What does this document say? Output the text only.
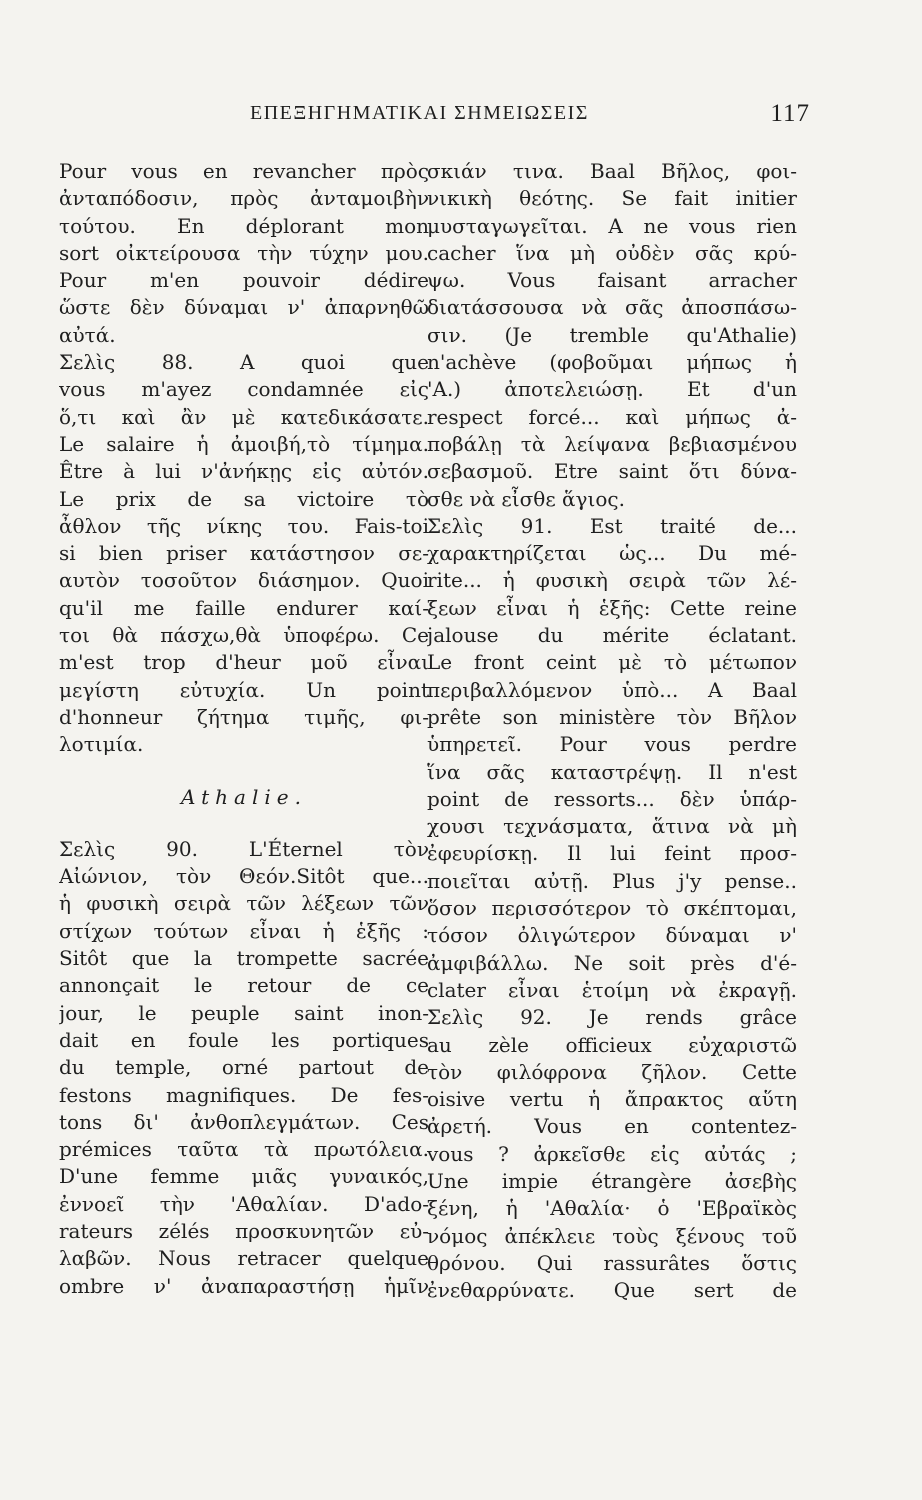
ΕΠΕΞΗΓΗΜΑΤΙΚΑΙ ΣΗΜΕΙΩΣΕΙΣ	117
Pour vous en revancher πρὸς
ἀνταπόδοσιν, πρὸς ἀνταμοιβὴν
τούτου. En déplorant mon
sort οἰκτείρουσα τὴν τύχην μου.
Pour m'en pouvoir dédire
ὥστε δὲν δύναμαι ν' ἀπαρνηθῶ
αὐτά.
Σελὶς 88. A quoi que
vous m'ayez condamnée εἰς
ὅ,τι καὶ ἂν μὲ κατεδικάσατε.
Le salaire ἡ ἀμοιβή,τὸ τίμημα.
Être à lui ν'ἀνήκῃς εἰς αὐτόν.
Le prix de sa victoire τὸ
ἆθλον τῆς νίκης του. Fais-toi
si bien priser κατάστησον σε-
αυτὸν τοσοῦτον διάσημον. Quoi
qu'il me faille endurer καί-
τοι θὰ πάσχω,θὰ ὑποφέρω. Ce
m'est trop d'heur μοῦ εἶναι
μεγίστη εὐτυχία. Un point
d'honneur ζήτημα τιμῆς, φι-
λοτιμία.
Athalie.
Σελὶς 90. L'Éternel τὸν
Αἰώνιον, τὸν Θεόν.Sitôt que...
ἡ φυσικὴ σειρὰ τῶν λέξεων τῶν
στίχων τούτων εἶναι ἡ ἑξῆς :
Sitôt que la trompette sacrée
annonçait le retour de ce
jour, le peuple saint inon-
dait en foule les portiques
du temple, orné partout de
festons magnifiques. De fes-
tons δι' ἀνθοπλεγμάτων. Ces
prémices ταῦτα τὰ πρωτόλεια.
D'une femme μιᾶς γυναικός,
ἐννοεῖ τὴν 'Αθαλίαν. D'ado-
rateurs zélés προσκυνητῶν εὐ-
λαβῶν. Nous retracer quelque
ombre ν' ἀναπαραστήσῃ ἡμῖν
σκιάν τινα. Baal Βῆλος, φοι-
νικικὴ θεότης. Se fait initier
μυσταγωγεῖται. A ne vous rien
cacher ἵνα μὴ οὐδὲν σᾶς κρύ-
ψω. Vous faisant arracher
διατάσσουσα νὰ σᾶς ἀποσπάσω-
σιν. (Je tremble qu'Athalie)
n'achève (φοβοῦμαι μήπως ἡ
'Α.) ἀποτελειώσῃ. Et d'un
respect forcé... καὶ μήπως ἀ-
ποβάλῃ τὰ λείψανα βεβιασμένου
σεβασμοῦ. Etre saint ὅτι δύνα-
σθε νὰ εἶσθε ἅγιος.
Σελὶς 91. Est traité de...
χαρακτηρίζεται ὡς... Du mé-
rite... ἡ φυσικὴ σειρὰ τῶν λέ-
ξεων εἶναι ἡ ἑξῆς: Cette reine
jalouse du mérite éclatant.
Le front ceint μὲ τὸ μέτωπον
περιβαλλόμενον ὑπὸ... A Baal
prête son ministère τὸν Βῆλον
ὑπηρετεῖ. Pour vous perdre
ἵνα σᾶς καταστρέψῃ. Il n'est
point de ressorts... δὲν ὑπάρ-
χουσι τεχνάσματα, ἅτινα νὰ μὴ
ἐφευρίσκῃ. Il lui feint προσ-
ποιεῖται αὐτῇ. Plus j'y pense..
ὅσον περισσότερον τὸ σκέπτομαι,
τόσον ὀλιγώτερον δύναμαι ν'
ἀμφιβάλλω. Ne soit près d'é-
clater εἶναι ἑτοίμη νὰ ἐκραγῇ.
Σελὶς 92. Je rends grâce
au zèle officieux εὐχαριστῶ
τὸν φιλόφρονα ζῆλον. Cette
oisive vertu ἡ ἄπρακτος αὕτη
ἀρετή. Vous en contentez-
vous ? ἀρκεῖσθε εἰς αὐτάς ;
Une impie étrangère ἀσεβὴς
ξένη, ἡ 'Αθαλία· ὁ 'Εβραϊκὸς
νόμος ἀπέκλειε τοὺς ξένους τοῦ
θρόνου. Qui rassurâtes ὅστις
ἐνεθαρρύνατε. Que sert de
